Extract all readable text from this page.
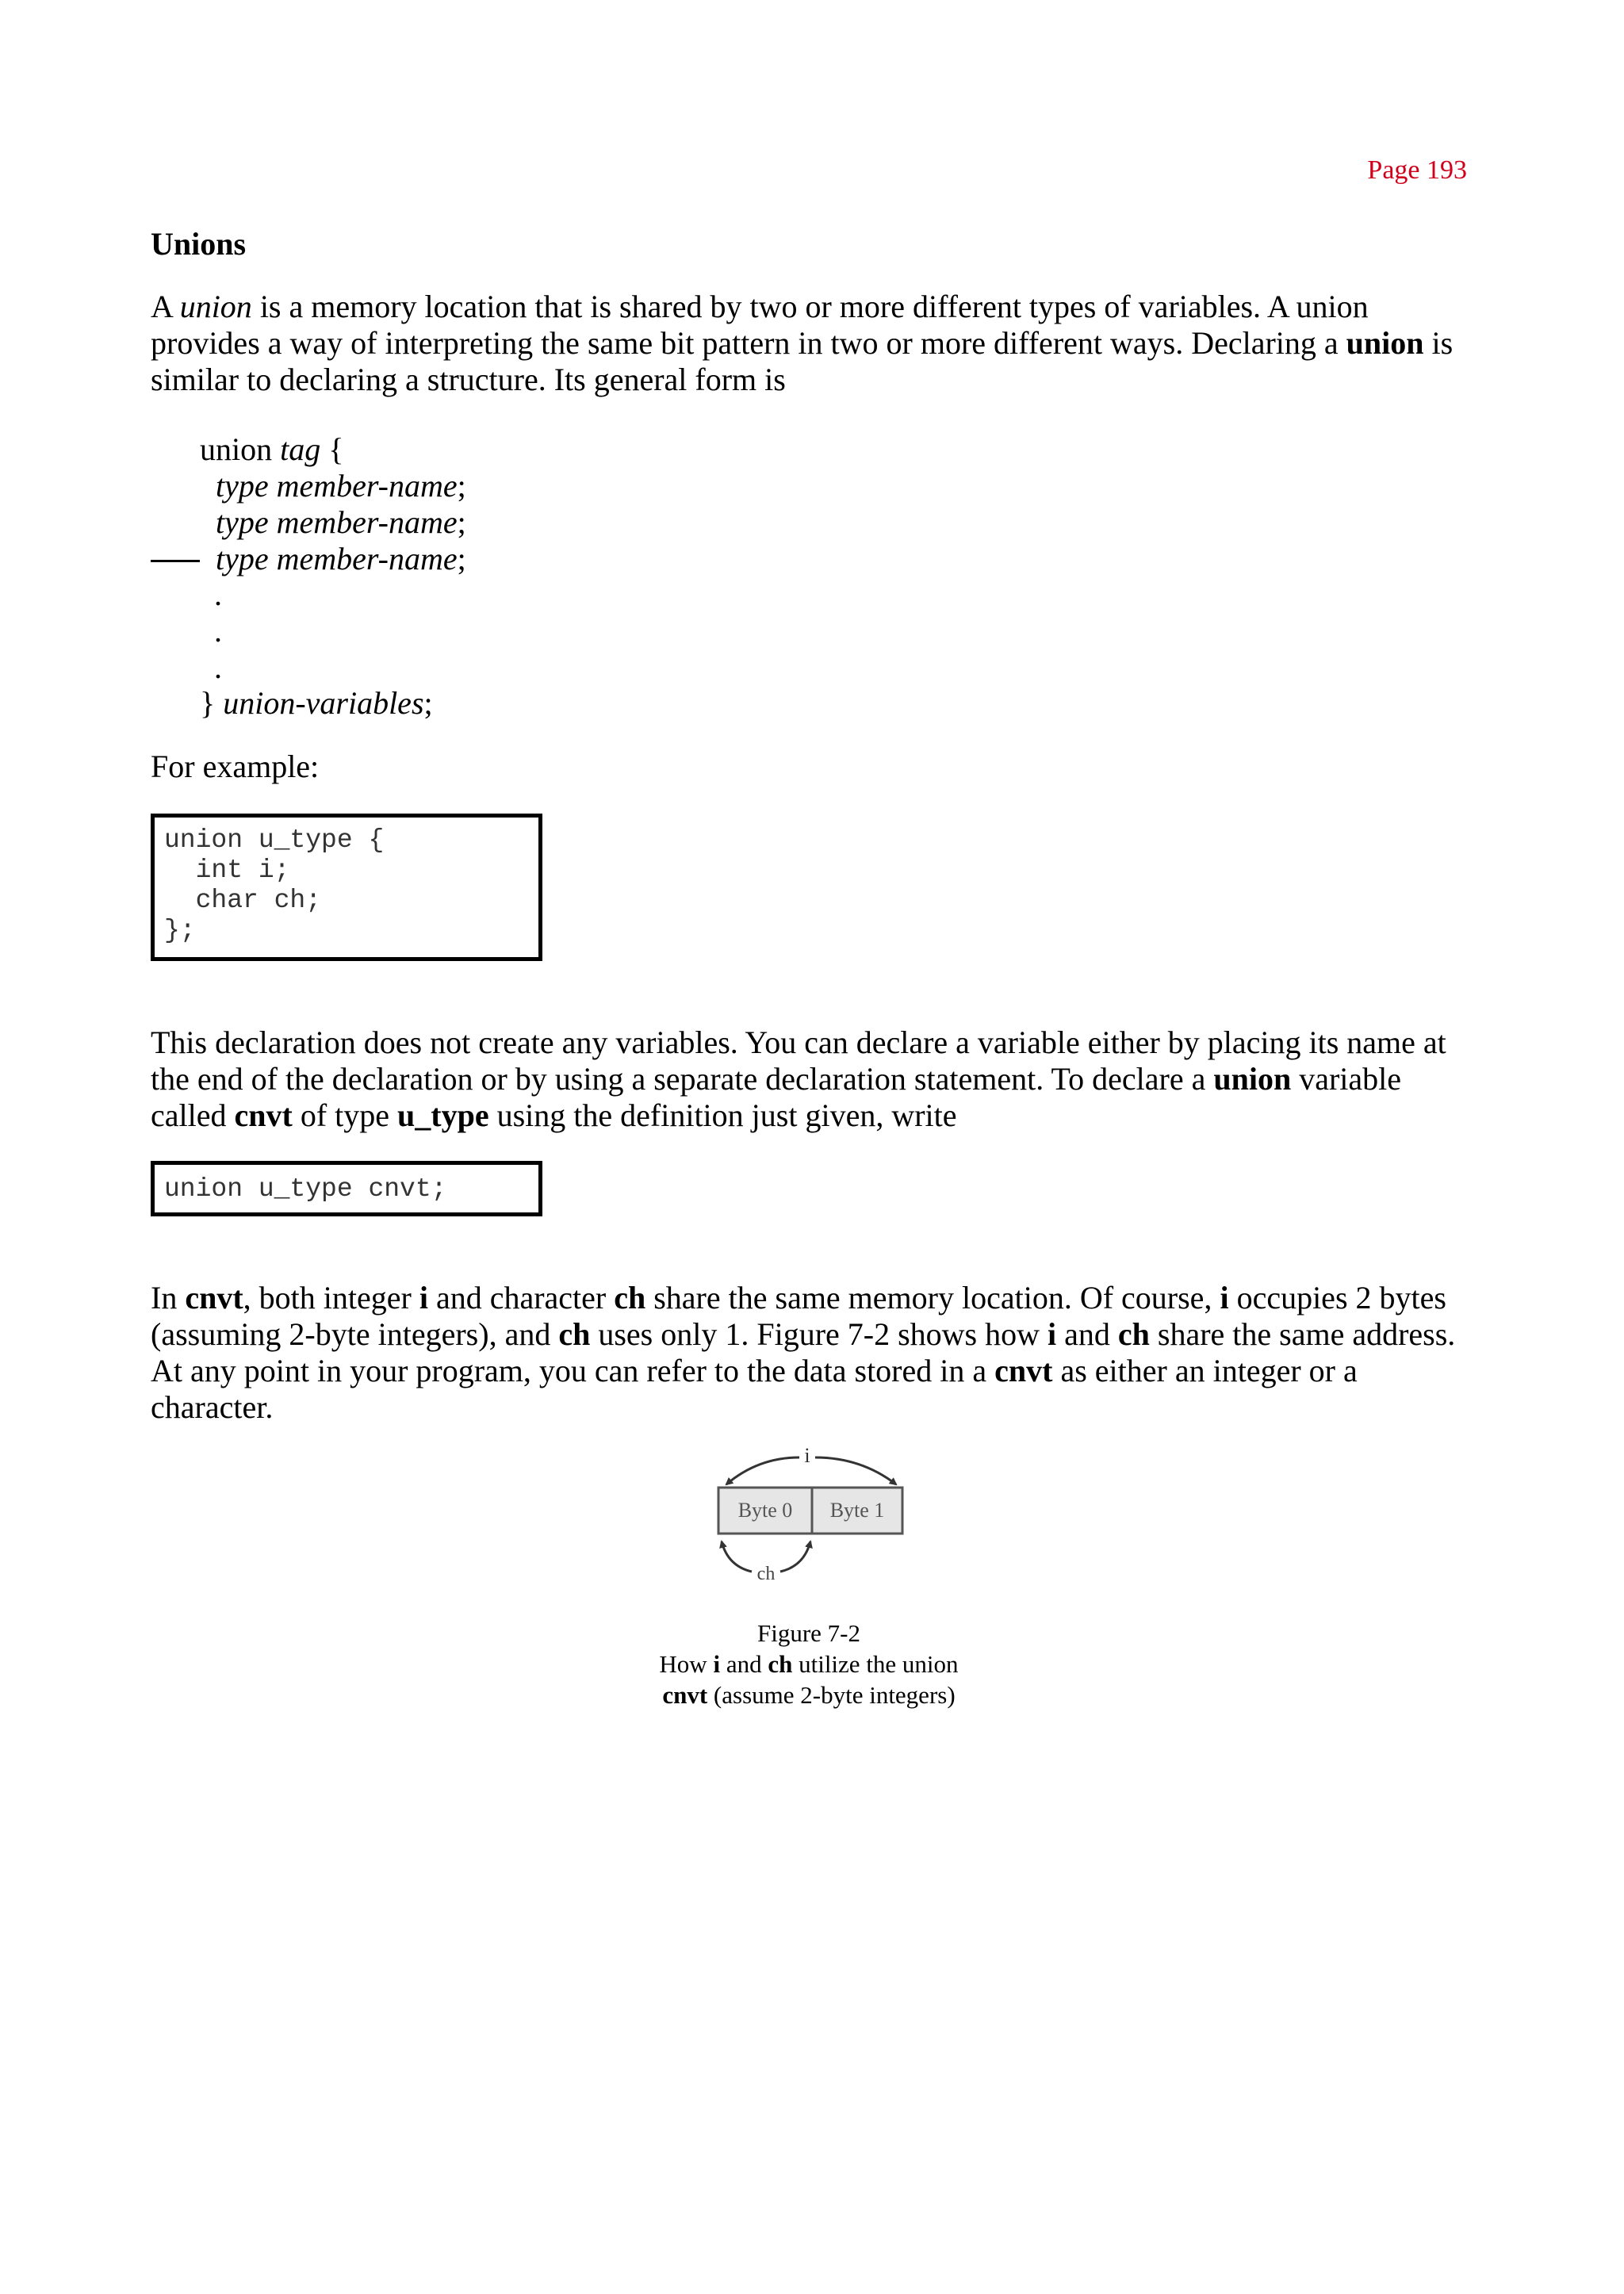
Page 193
Unions
A union is a memory location that is shared by two or more different types of variables. A union provides a way of interpreting the same bit pattern in two or more different ways. Declaring a union is similar to declaring a structure. Its general form is
union tag {
type member-name;
type member-name;
type member-name;
.
.
.
} union-variables;
For example:
union u_type {
int i;
char ch;
};
This declaration does not create any variables. You can declare a variable either by placing its name at the end of the declaration or by using a separate declaration statement. To declare a union variable called cnvt of type u_type using the definition just given, write
union u_type cnvt;
In cnvt, both integer i and character ch share the same memory location. Of course, i occupies 2 bytes (assuming 2-byte integers), and ch uses only 1. Figure 7-2 shows how i and ch share the same address. At any point in your program, you can refer to the data stored in a cnvt as either an integer or a character.
i
Byte 0 Byte 1
ch
Figure 7-2
How i and ch utilize the union
cnvt (assume 2-byte integers)
